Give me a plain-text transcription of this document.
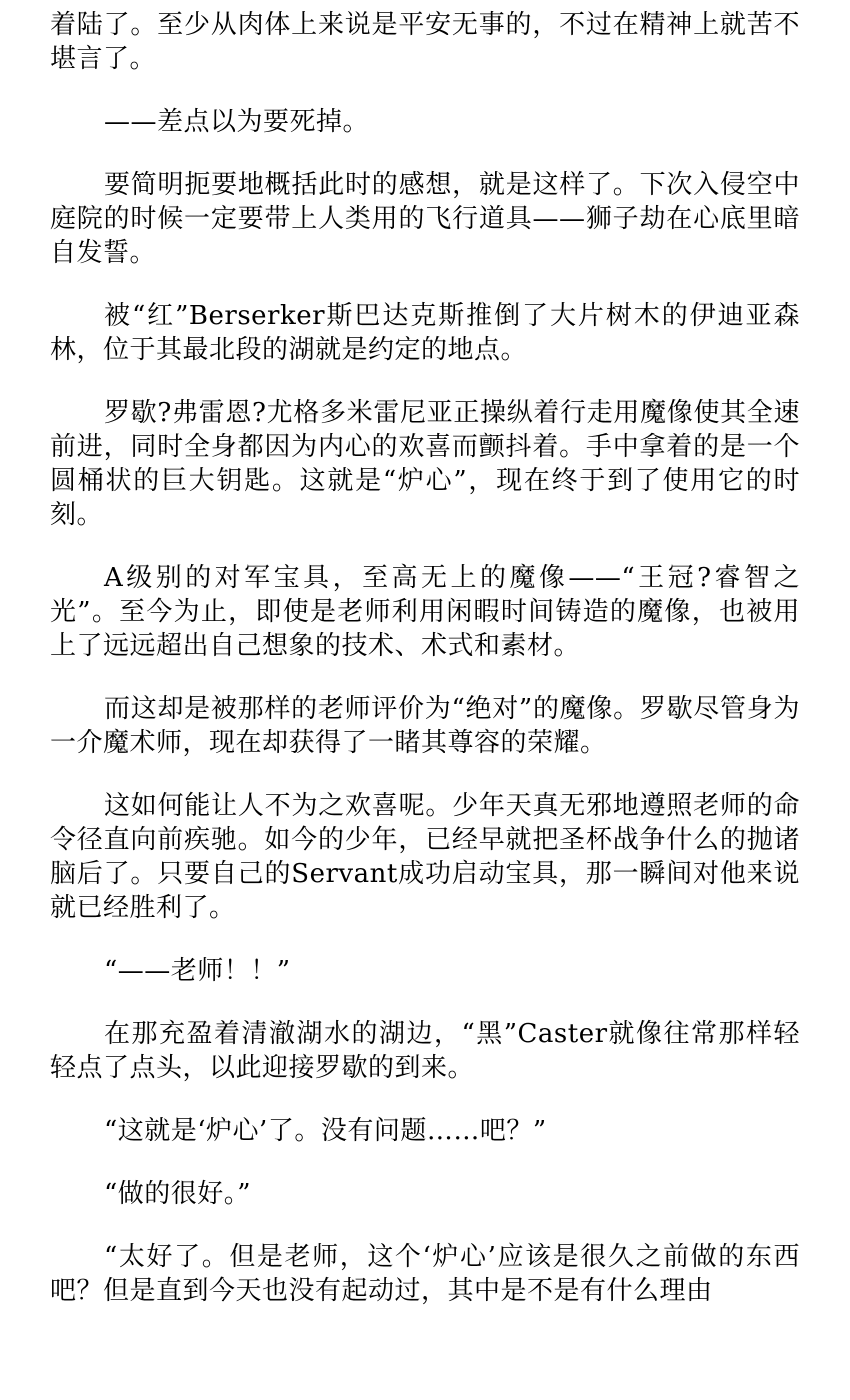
着陆了。至少从肉体上来说是平安无事的，不过在精神上就苦不堪言了。

——差点以为要死掉。

要简明扼要地概括此时的感想，就是这样了。下次入侵空中庭院的时候一定要带上人类用的飞行道具——狮子劫在心底里暗自发誓。

被“红”Berserker斯巴达克斯推倒了大片树木的伊迪亚森林，位于其最北段的湖就是约定的地点。

罗歇?弗雷恩?尤格多米雷尼亚正操纵着行走用魔像使其全速前进，同时全身都因为内心的欢喜而颤抖着。手中拿着的是一个圆桶状的巨大钥匙。这就是“炉心”，现在终于到了使用它的时刻。

A级别的对军宝具，至高无上的魔像——“王冠?睿智之光”。至今为止，即使是老师利用闲暇时间铸造的魔像，也被用上了远远超出自己想象的技术、术式和素材。

而这却是被那样的老师评价为“绝对”的魔像。罗歇尽管身为一介魔术师，现在却获得了一睹其尊容的荣耀。

这如何能让人不为之欢喜呢。少年天真无邪地遵照老师的命令径直向前疾驰。如今的少年，已经早就把圣杯战争什么的抛诸脑后了。只要自己的Servant成功启动宝具，那一瞬间对他来说就已经胜利了。

“——老师！！”

在那充盈着清澈湖水的湖边，“黑”Caster就像往常那样轻轻点了点头，以此迎接罗歇的到来。

“这就是‘炉心’了。没有问题……吧？”

“做的很好。”

“太好了。但是老师，这个‘炉心’应该是很久之前做的东西吧？但是直到今天也没有起动过，其中是不是有什么理由
